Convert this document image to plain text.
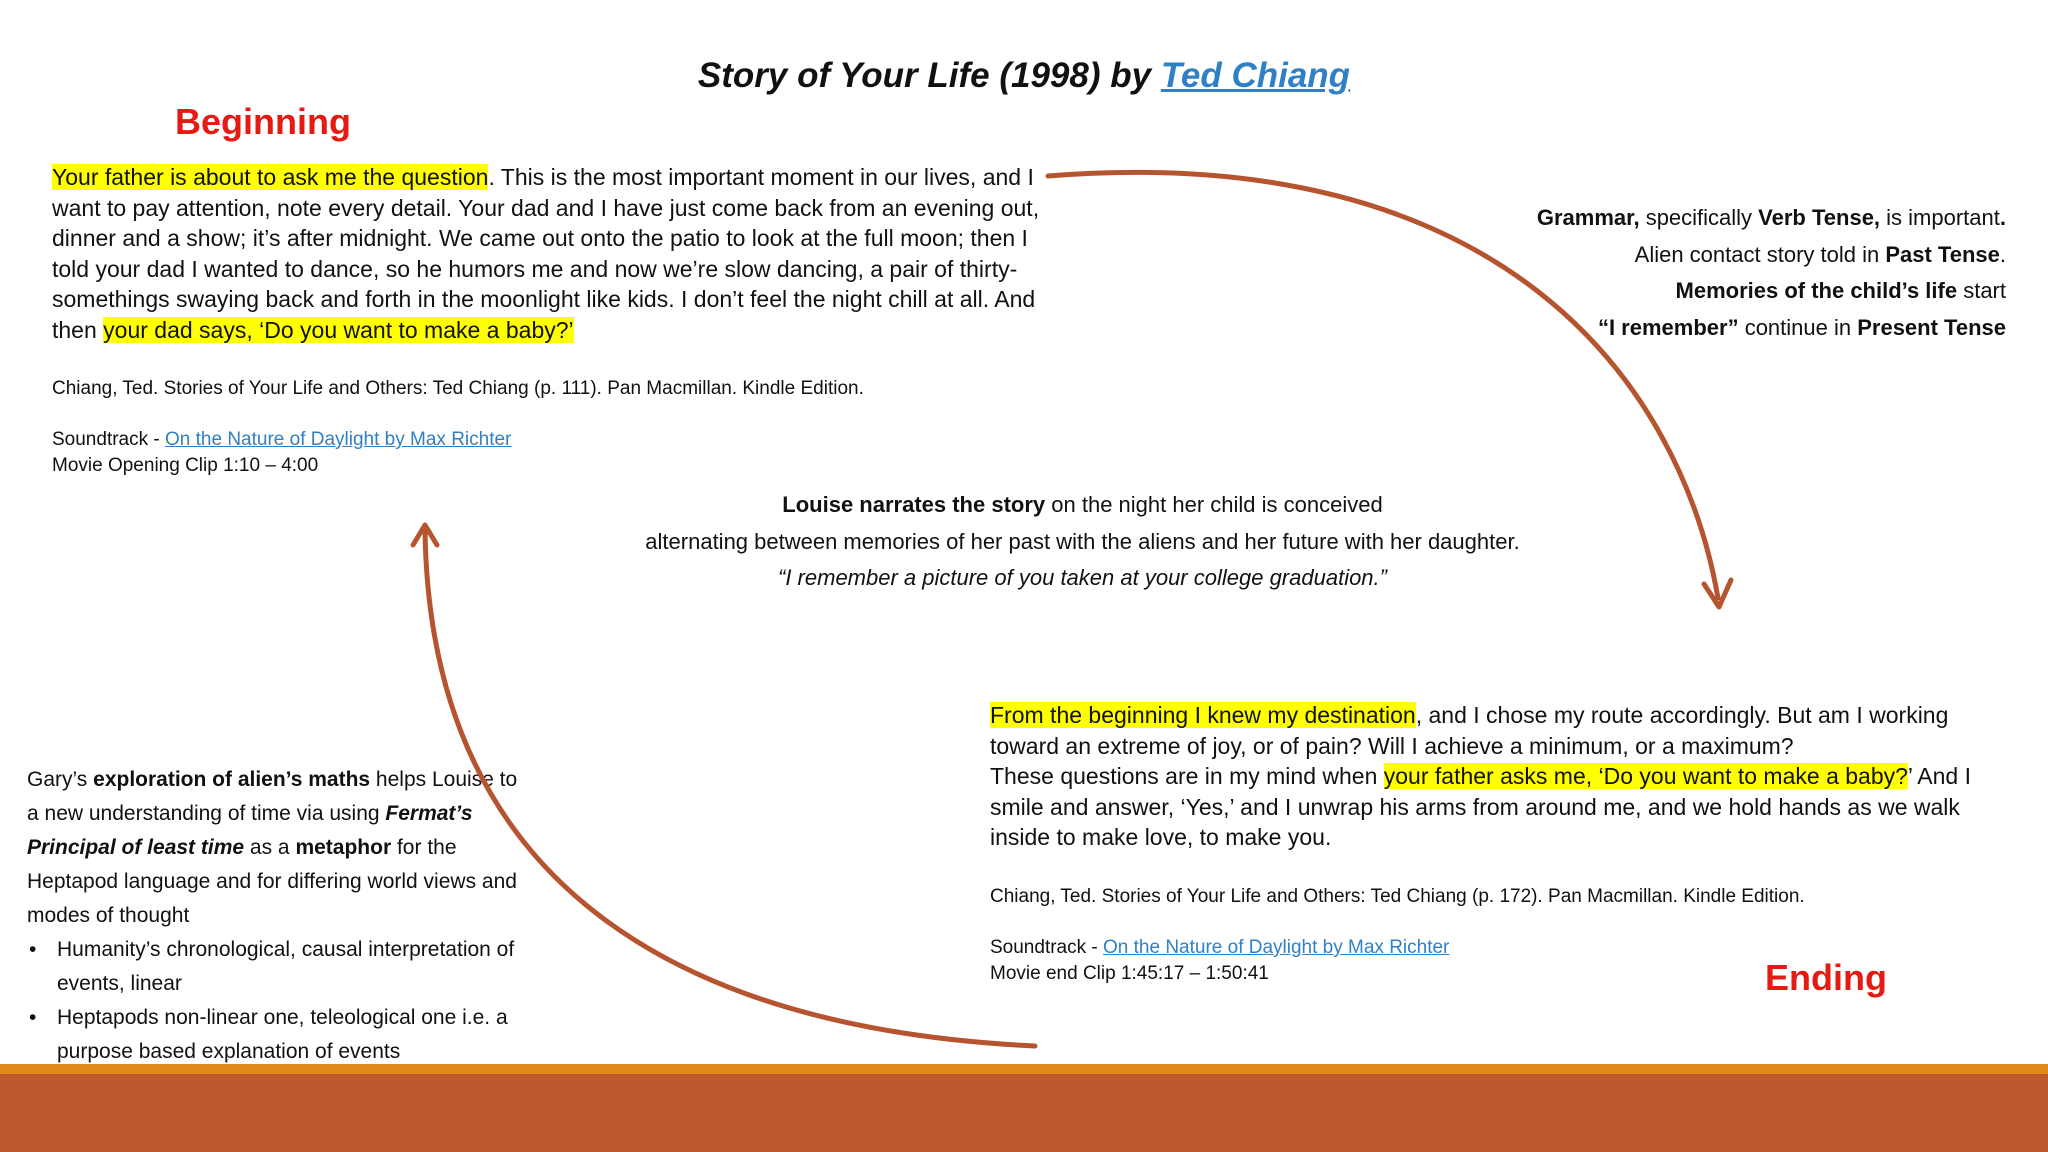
Story of Your Life (1998) by Ted Chiang
Beginning
Ending
Your father is about to ask me the question. This is the most important moment in our lives, and I want to pay attention, note every detail. Your dad and I have just come back from an evening out, dinner and a show; it’s after midnight. We came out onto the patio to look at the full moon; then I told your dad I wanted to dance, so he humors me and now we’re slow dancing, a pair of thirty-somethings swaying back and forth in the moonlight like kids. I don’t feel the night chill at all. And then your dad says, ‘Do you want to make a baby?’
Chiang, Ted. Stories of Your Life and Others: Ted Chiang (p. 111). Pan Macmillan. Kindle Edition.
Soundtrack - On the Nature of Daylight by Max Richter
Movie Opening Clip 1:10 – 4:00
Grammar, specifically Verb Tense, is important.
Alien contact story told in Past Tense.
Memories of the child’s life start
“I remember” continue in Present Tense
Louise narrates the story on the night her child is conceived
alternating between memories of her past with the aliens and her future with her daughter.
“I remember a picture of you taken at your college graduation.”
Gary’s exploration of alien’s maths helps Louise to a new understanding of time via using Fermat’s Principal of least time as a metaphor for the Heptapod language and for differing world views and modes of thought
• Humanity’s chronological, causal interpretation of events, linear
• Heptapods non-linear one, teleological one i.e. a purpose based explanation of events
From the beginning I knew my destination, and I chose my route accordingly. But am I working toward an extreme of joy, or of pain? Will I achieve a minimum, or a maximum?
These questions are in my mind when your father asks me, ‘Do you want to make a baby?’ And I smile and answer, ‘Yes,’ and I unwrap his arms from around me, and we hold hands as we walk inside to make love, to make you.
Chiang, Ted. Stories of Your Life and Others: Ted Chiang (p. 172). Pan Macmillan. Kindle Edition.
Soundtrack - On the Nature of Daylight by Max Richter
Movie end Clip 1:45:17 – 1:50:41
